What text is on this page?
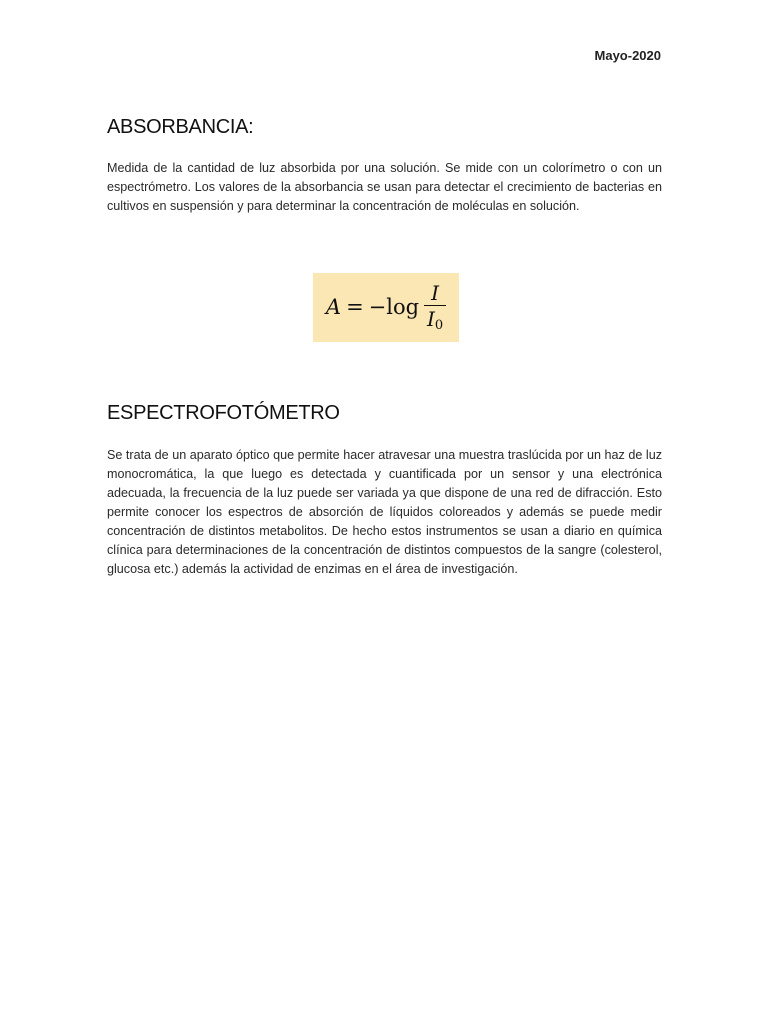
Mayo-2020
ABSORBANCIA:

Medida de la cantidad de luz absorbida por una solución. Se mide con un colorímetro o con un espectrómetro. Los valores de la absorbancia se usan para detectar el crecimiento de bacterias en cultivos en suspensión y para determinar la concentración de moléculas en solución.

A = − $\log \frac{I}{I_0}$
ESPECTROFOTÓMETRO

Se trata de un aparato óptico que permite hacer atravesar una muestra traslúcida por un haz de luz monocromática, la que luego es detectada y cuantificada por un sensor y una electrónica adecuada, la frecuencia de la luz puede ser variada ya que dispone de una red de difracción. Esto permite conocer los espectros de absorción de líquidos coloreados y además se puede medir concentración de distintos metabolitos. De hecho estos instrumentos se usan a diario en química clínica para determinaciones de la concentración de distintos compuestos de la sangre (colesterol, glucosa etc.) además la actividad de enzimas en el área de investigación.
